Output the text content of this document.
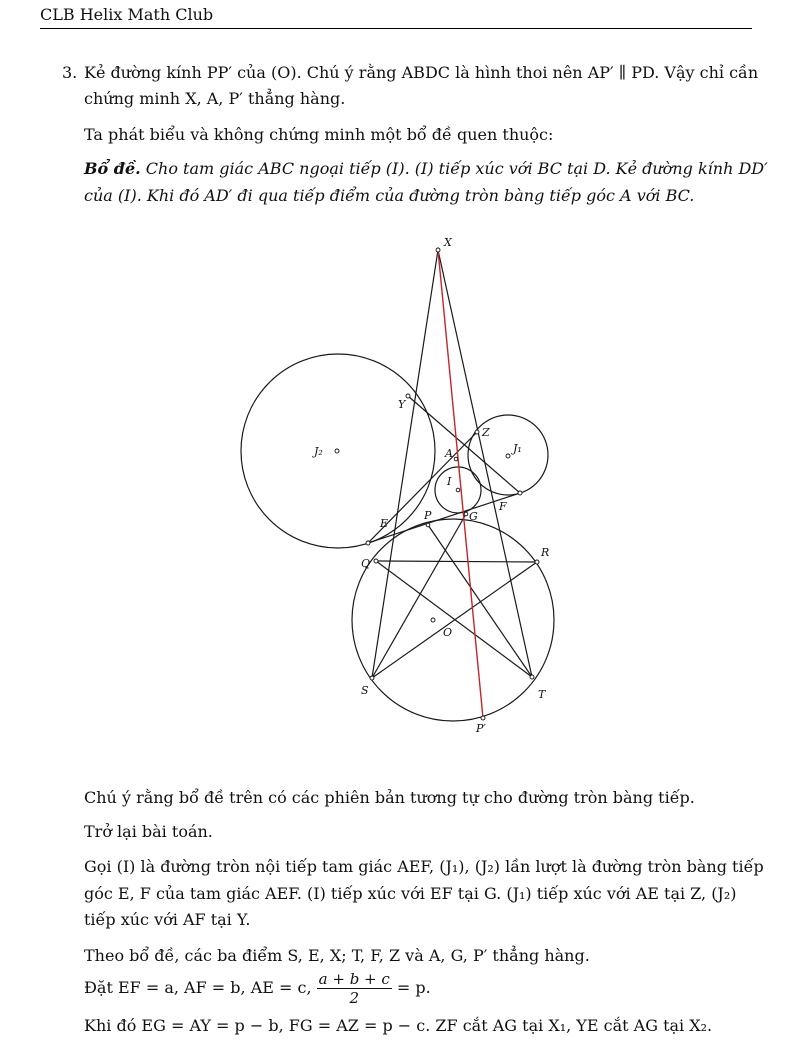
CLB Helix Math Club
3. Kẻ đường kính PP′ của (O). Chú ý rằng ABDC là hình thoi nên AP′ ∥ PD. Vậy chỉ cần
chứng minh X, A, P′ thẳng hàng.
Ta phát biểu và không chứng minh một bổ đề quen thuộc:
Bổ đề. Cho tam giác ABC ngoại tiếp (I). (I) tiếp xúc với BC tại D. Kẻ đường kính DD′
của (I). Khi đó AD′ đi qua tiếp điểm của đường tròn bàng tiếp góc A với BC.
X
Y
Z
J₁
J₂	A
I
E
P	G
F
Q
R
O
S	T
P′
Chú ý rằng bổ đề trên có các phiên bản tương tự cho đường tròn bàng tiếp.
Trở lại bài toán.
Gọi (I) là đường tròn nội tiếp tam giác AEF, (J₁), (J₂) lần lượt là đường tròn bàng tiếp
góc E, F của tam giác AEF. (I) tiếp xúc với EF tại G. (J₁) tiếp xúc với AE tại Z, (J₂)
tiếp xúc với AF tại Y.
Theo bổ đề, các ba điểm S, E, X; T, F, Z và A, G, P′ thẳng hàng.
Đặt EF = a, AF = b, AE = c, $\frac{a + b + c}{2} = p$.
Khi đó EG = AY = p − b, FG = AZ = p − c. ZF cắt AG tại X₁, YE cắt AG tại X₂.
